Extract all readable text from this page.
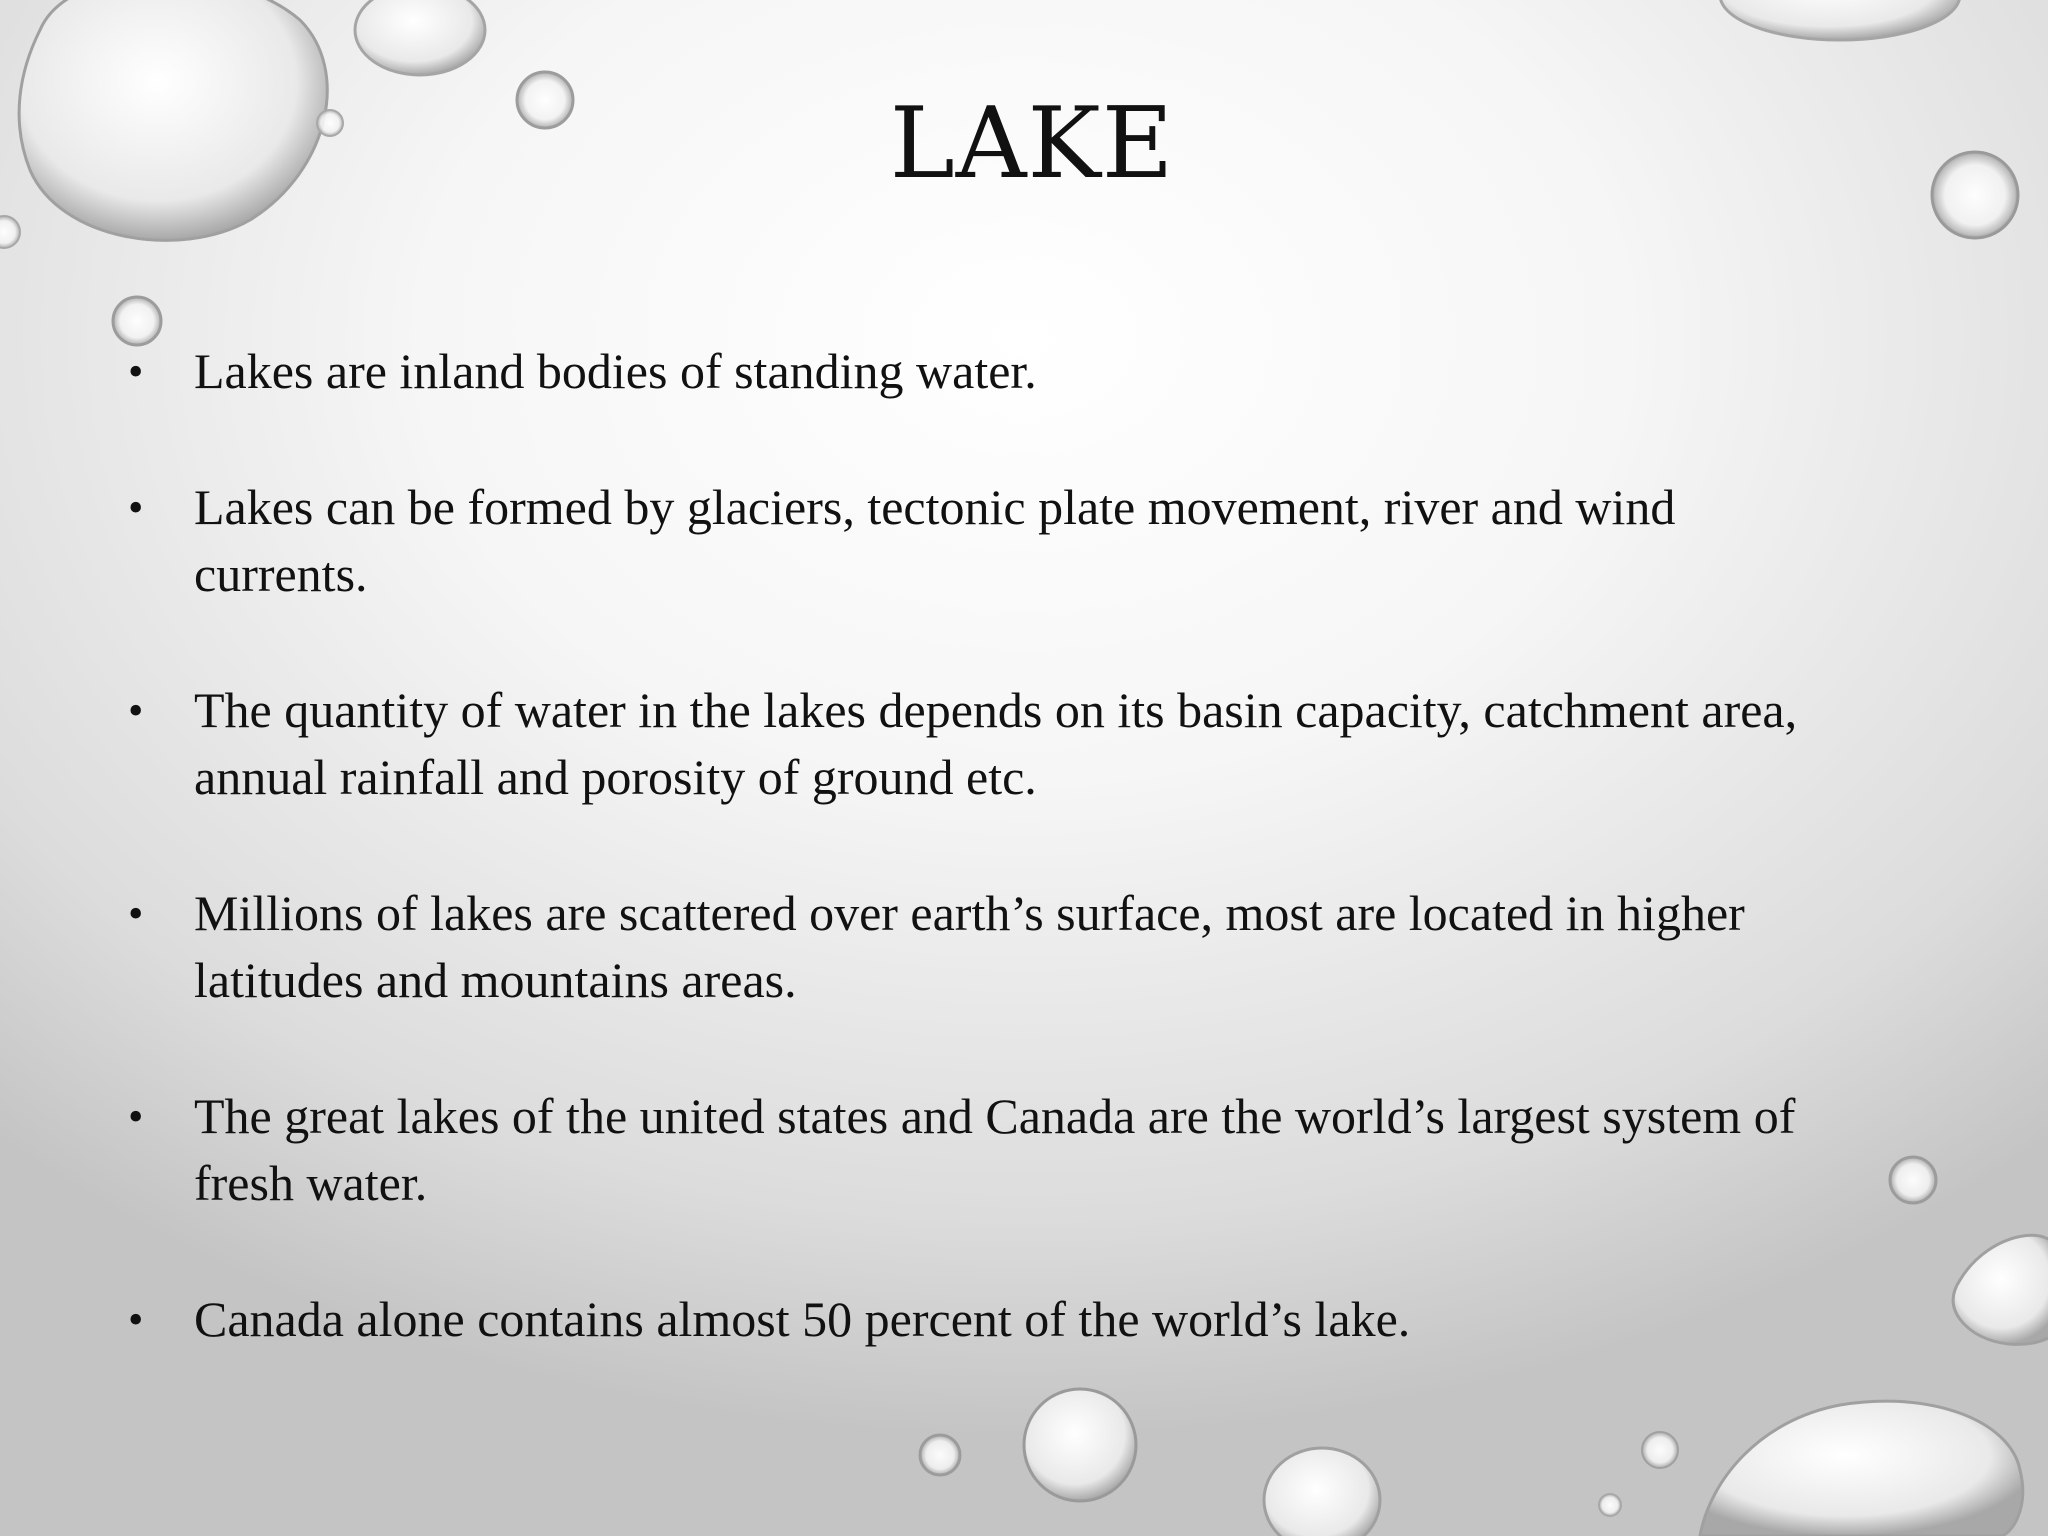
LAKE
• Lakes are inland bodies of standing water.
• Lakes can be formed by glaciers, tectonic plate movement, river and wind currents.
• The quantity of water in the lakes depends on its basin capacity, catchment area, annual rainfall and porosity of ground etc.
• Millions of lakes are scattered over earth’s surface, most are located in higher latitudes and mountains areas.
• The great lakes of the united states and Canada are the world’s largest system of fresh water.
• Canada alone contains almost 50 percent of the world’s lake.
